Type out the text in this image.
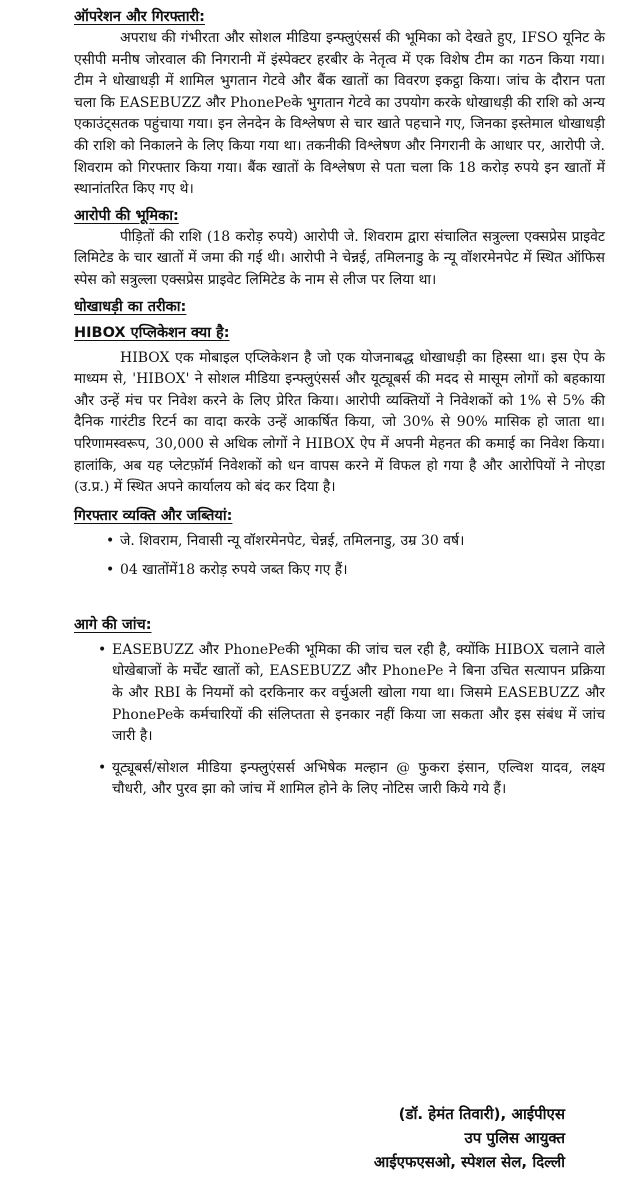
ऑपरेशन और गिरफ्तारी:

अपराध की गंभीरता और सोशल मीडिया इन्फ्लुएंसर्स की भूमिका को देखते हुए, IFSO यूनिट के एसीपी मनीष जोरवाल की निगरानी में इंस्पेक्टर हरबीर के नेतृत्व में एक विशेष टीम का गठन किया गया। टीम ने धोखाधड़ी में शामिल भुगतान गेटवे और बैंक खातों का विवरण इकट्ठा किया। जांच के दौरान पता चला कि EASEBUZZ और PhonePeके भुगतान गेटवे का उपयोग करके धोखाधड़ी की राशि को अन्य एकाउंट्सतक पहुंचाया गया। इन लेनदेन के विश्लेषण से चार खाते पहचाने गए, जिनका इस्तेमाल धोखाधड़ी की राशि को निकालने के लिए किया गया था। तकनीकी विश्लेषण और निगरानी के आधार पर, आरोपी जे. शिवराम को गिरफ्तार किया गया। बैंक खातों के विश्लेषण से पता चला कि 18 करोड़ रुपये इन खातों में स्थानांतरित किए गए थे।

आरोपी की भूमिका:

पीड़ितों की राशि (18 करोड़ रुपये) आरोपी जे. शिवराम द्वारा संचालित सत्रुल्ला एक्सप्रेस प्राइवेट लिमिटेड के चार खातों में जमा की गई थी। आरोपी ने चेन्नई, तमिलनाडु के न्यू वॉशरमेनपेट में स्थित ऑफिस स्पेस को सत्रुल्ला एक्सप्रेस प्राइवेट लिमिटेड के नाम से लीज पर लिया था।

धोखाधड़ी का तरीका:
HIBOX एप्लिकेशन क्या है:

HIBOX एक मोबाइल एप्लिकेशन है जो एक योजनाबद्ध धोखाधड़ी का हिस्सा था। इस ऐप के माध्यम से, 'HIBOX' ने सोशल मीडिया इन्फ्लुएंसर्स और यूट्यूबर्स की मदद से मासूम लोगों को बहकाया और उन्हें मंच पर निवेश करने के लिए प्रेरित किया। आरोपी व्यक्तियों ने निवेशकों को 1% से 5% की दैनिक गारंटीड रिटर्न का वादा करके उन्हें आकर्षित किया, जो 30% से 90% मासिक हो जाता था। परिणामस्वरूप, 30,000 से अधिक लोगों ने HIBOX ऐप में अपनी मेहनत की कमाई का निवेश किया। हालांकि, अब यह प्लेटफ़ॉर्म निवेशकों को धन वापस करने में विफल हो गया है और आरोपियों ने नोएडा (उ.प्र.) में स्थित अपने कार्यालय को बंद कर दिया है।

गिरफ्तार व्यक्ति और जब्तियां:
• जे. शिवराम, निवासी न्यू वॉशरमेनपेट, चेन्नई, तमिलनाडु, उम्र 30 वर्ष।
• 04 खातोंमें18 करोड़ रुपये जब्त किए गए हैं।
आगे की जांच:
• EASEBUZZ और PhonePeकी भूमिका की जांच चल रही है, क्योंकि HIBOX चलाने वाले धोखेबाजों के मर्चेंट खातों को, EASEBUZZ और PhonePe ने बिना उचित सत्यापन प्रक्रिया के और RBI के नियमों को दरकिनार कर वर्चुअली खोला गया था। जिसमे EASEBUZZ और PhonePeके कर्मचारियों की संलिप्तता से इनकार नहीं किया जा सकता और इस संबंध में जांच जारी है।
• यूट्यूबर्स/सोशल मीडिया इन्फ्लुएंसर्स अभिषेक मल्हान @ फुकरा इंसान, एल्विश यादव, लक्ष्य चौधरी, और पुरव झा को जांच में शामिल होने के लिए नोटिस जारी किये गये हैं।
(डॉ. हेमंत तिवारी), आईपीएस
उप पुलिस आयुक्त
आईएफएसओ, स्पेशल सेल, दिल्ली
